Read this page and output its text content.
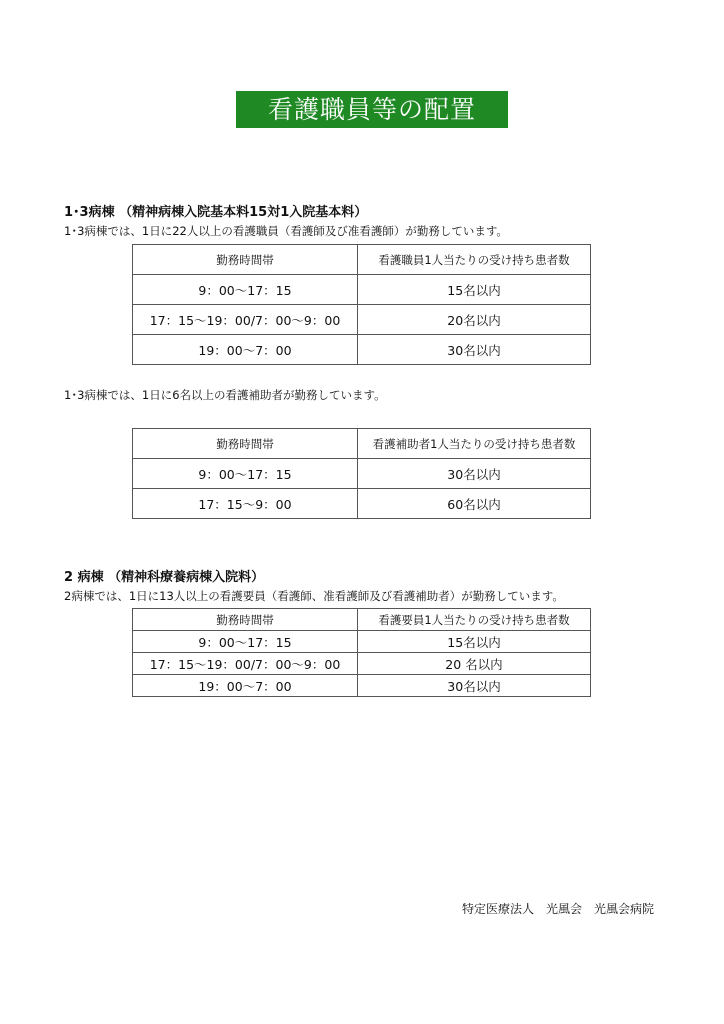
看護職員等の配置
1･3病棟 （精神病棟入院基本料15対1入院基本料）
1･3病棟では、1日に22人以上の看護職員（看護師及び准看護師）が勤務しています。
勤務時間帯	看護職員1人当たりの受け持ち患者数
9：00～17：15	15名以内
17：15～19：00/7：00～9：00	20名以内
19：00～7：00	30名以内
1･3病棟では、1日に6名以上の看護補助者が勤務しています。
勤務時間帯	看護補助者1人当たりの受け持ち患者数
9：00～17：15	30名以内
17：15～9：00	60名以内
2 病棟 （精神科療養病棟入院料）
2病棟では、1日に13人以上の看護要員（看護師、准看護師及び看護補助者）が勤務しています。
勤務時間帯	看護要員1人当たりの受け持ち患者数
9：00～17：15	15名以内
17：15～19：00/7：00～9：00	20 名以内
19：00～7：00	30名以内
特定医療法人　光風会　光風会病院
